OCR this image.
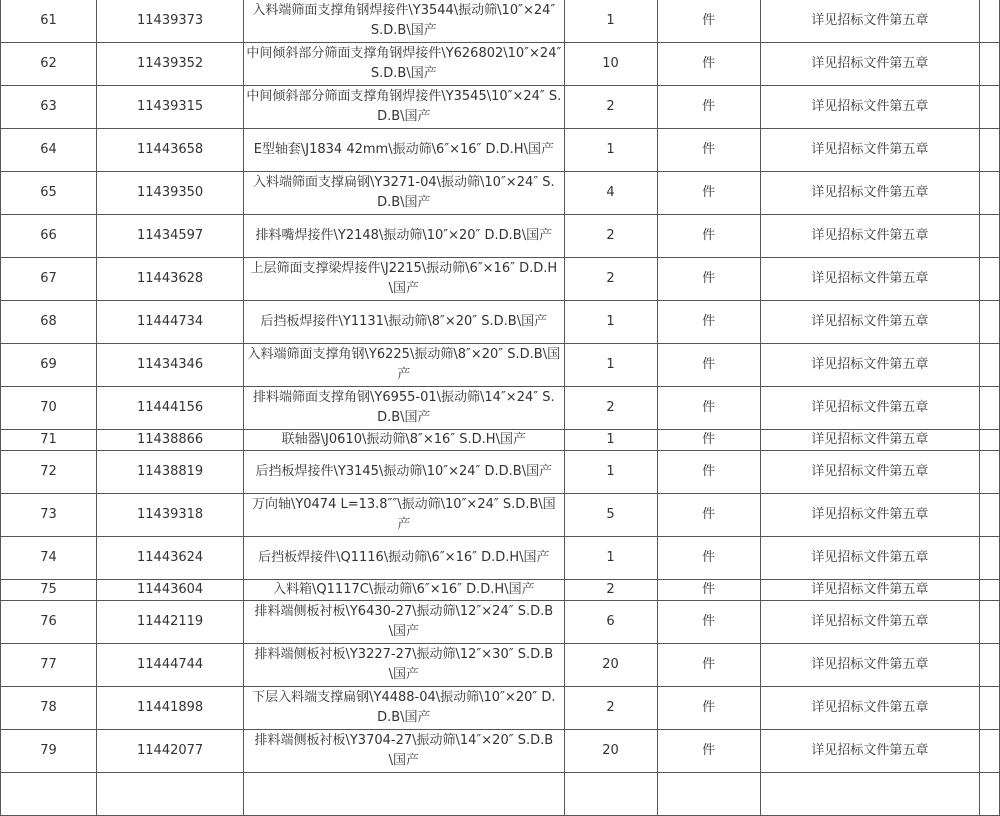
61	11439373	入料端筛面支撑角钢焊接件\Y3544\振动筛\10″×24″ S.D.B\国产	1	件	详见招标文件第五章	
62	11439352	中间倾斜部分筛面支撑角钢焊接件\Y626802\10″×24″ S.D.B\国产	10	件	详见招标文件第五章	
63	11439315	中间倾斜部分筛面支撑角钢焊接件\Y3545\10″×24″ S.D.B\国产	2	件	详见招标文件第五章	
64	11443658	E型轴套\J1834 42mm\振动筛\6″×16″ D.D.H\国产	1	件	详见招标文件第五章	
65	11439350	入料端筛面支撑扁钢\Y3271-04\振动筛\10″×24″ S.D.B\国产	4	件	详见招标文件第五章	
66	11434597	排料嘴焊接件\Y2148\振动筛\10″×20″ D.D.B\国产	2	件	详见招标文件第五章	
67	11443628	上层筛面支撑梁焊接件\J2215\振动筛\6″×16″ D.D.H\国产	2	件	详见招标文件第五章	
68	11444734	后挡板焊接件\Y1131\振动筛\8″×20″ S.D.B\国产	1	件	详见招标文件第五章	
69	11434346	入料端筛面支撑角钢\Y6225\振动筛\8″×20″ S.D.B\国产	1	件	详见招标文件第五章	
70	11444156	排料端筛面支撑角钢\Y6955-01\振动筛\14″×24″ S.D.B\国产	2	件	详见招标文件第五章	
71	11438866	联轴器\J0610\振动筛\8″×16″ S.D.H\国产	1	件	详见招标文件第五章	
72	11438819	后挡板焊接件\Y3145\振动筛\10″×24″ D.D.B\国产	1	件	详见招标文件第五章	
73	11439318	万向轴\Y0474 L=13.8″″\振动筛\10″×24″ S.D.B\国产	5	件	详见招标文件第五章	
74	11443624	后挡板焊接件\Q1116\振动筛\6″×16″ D.D.H\国产	1	件	详见招标文件第五章	
75	11443604	入料箱\Q1117C\振动筛\6″×16″ D.D.H\国产	2	件	详见招标文件第五章	
76	11442119	排料端侧板衬板\Y6430-27\振动筛\12″×24″ S.D.B\国产	6	件	详见招标文件第五章	
77	11444744	排料端侧板衬板\Y3227-27\振动筛\12″×30″ S.D.B\国产	20	件	详见招标文件第五章	
78	11441898	下层入料端支撑扁钢\Y4488-04\振动筛\10″×20″ D.D.B\国产	2	件	详见招标文件第五章	
79	11442077	排料端侧板衬板\Y3704-27\振动筛\14″×20″ S.D.B\国产	20	件	详见招标文件第五章	
